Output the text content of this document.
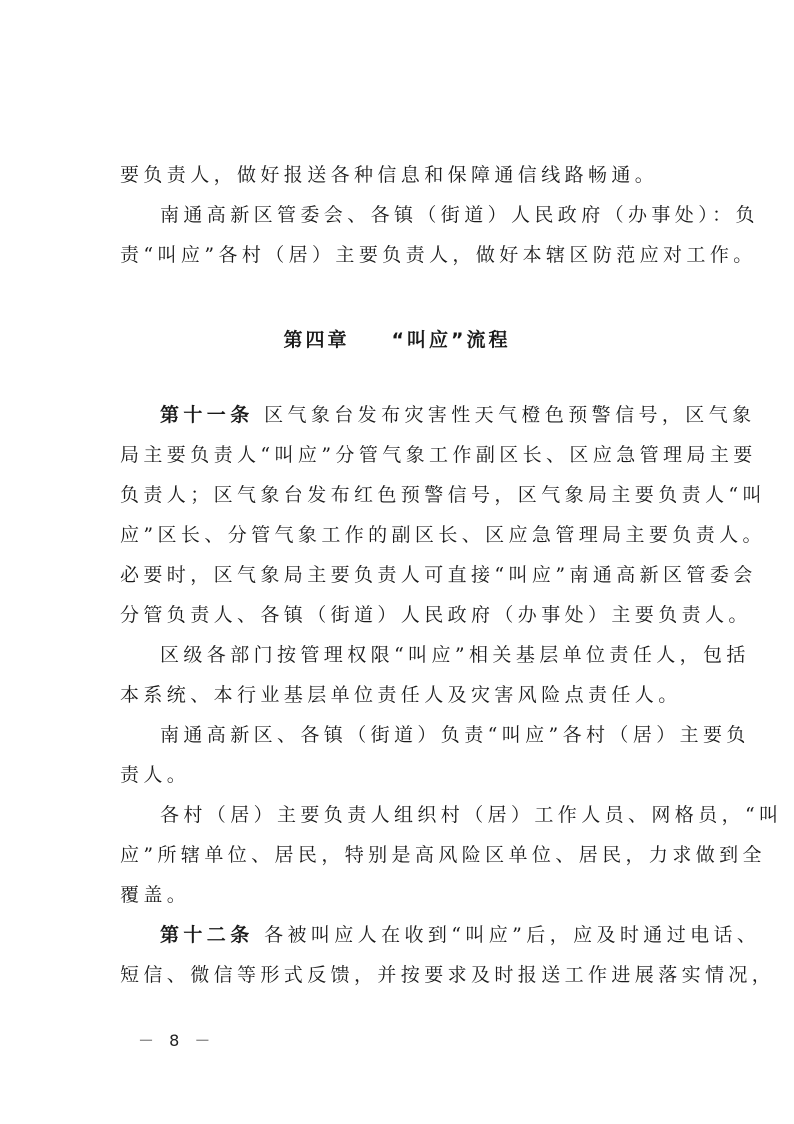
要负责人，做好报送各种信息和保障通信线路畅通。
南通高新区管委会、各镇（街道）人民政府（办事处）：负
责“叫应”各村（居）主要负责人，做好本辖区防范应对工作。
第四章 “叫应”流程
第十一条 区气象台发布灾害性天气橙色预警信号，区气象
局主要负责人“叫应”分管气象工作副区长、区应急管理局主要
负责人；区气象台发布红色预警信号，区气象局主要负责人“叫
应”区长、分管气象工作的副区长、区应急管理局主要负责人。
必要时，区气象局主要负责人可直接“叫应”南通高新区管委会
分管负责人、各镇（街道）人民政府（办事处）主要负责人。
区级各部门按管理权限“叫应”相关基层单位责任人，包括
本系统、本行业基层单位责任人及灾害风险点责任人。
南通高新区、各镇（街道）负责“叫应”各村（居）主要负
责人。
各村（居）主要负责人组织村（居）工作人员、网格员，“叫
应”所辖单位、居民，特别是高风险区单位、居民，力求做到全
覆盖。
第十二条 各被叫应人在收到“叫应”后，应及时通过电话、
短信、微信等形式反馈，并按要求及时报送工作进展落实情况，
－ 8 －
